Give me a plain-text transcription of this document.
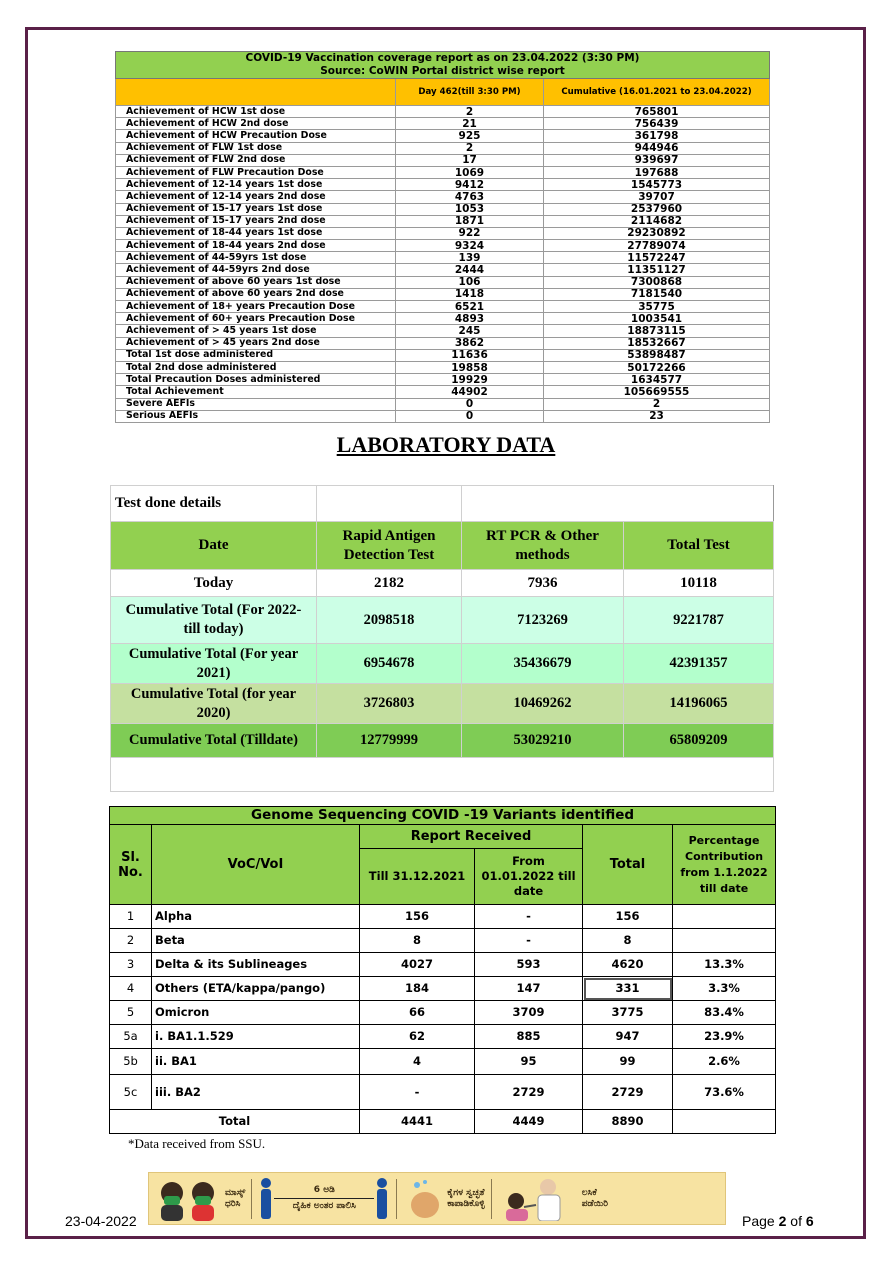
COVID-19 Vaccination coverage report as on 23.04.2022 (3:30 PM)
Source: CoWIN Portal district wise report		

	Day 462(till 3:30 PM)	Cumulative (16.01.2021 to 23.04.2022)
Achievement of HCW 1st dose	2	765801
Achievement of HCW 2nd dose	21	756439
Achievement of HCW Precaution Dose	925	361798
Achievement of FLW 1st dose	2	944946
Achievement of FLW 2nd dose	17	939697
Achievement of FLW Precaution Dose	1069	197688
Achievement of 12-14 years 1st dose	9412	1545773
Achievement of 12-14 years 2nd dose	4763	39707
Achievement of 15-17 years 1st dose	1053	2537960
Achievement of 15-17 years 2nd dose	1871	2114682
Achievement of 18-44 years 1st dose	922	29230892
Achievement of 18-44 years 2nd dose	9324	27789074
Achievement of 44-59yrs 1st dose	139	11572247
Achievement of 44-59yrs 2nd dose	2444	11351127
Achievement of above 60 years 1st dose	106	7300868
Achievement of above 60 years 2nd dose	1418	7181540
Achievement of 18+ years Precaution Dose	6521	35775
Achievement of 60+ years Precaution Dose	4893	1003541
Achievement of > 45 years 1st dose	245	18873115
Achievement of > 45 years 2nd dose	3862	18532667
Total 1st dose administered	11636	53898487
Total 2nd dose administered	19858	50172266
Total Precaution Doses administered	19929	1634577
Total Achievement	44902	105669555
Severe AEFIs	0	2
Serious AEFIs	0	23
LABORATORY DATA
Test done details			
Date	Rapid Antigen Detection Test	RT PCR & Other methods	Total Test
Today	2182	7936	10118
Cumulative Total (For 2022- till today)	2098518	7123269	9221787
Cumulative Total (For year 2021)	6954678	35436679	42391357
Cumulative Total (for year 2020)	3726803	10469262	14196065
Cumulative Total (Tilldate)	12779999	53029210	65809209

Genome Sequencing COVID -19 Variants identified					
Sl. No.	VoC/VoI	Report Received		Total	Percentage Contribution from 1.1.2022 till date
		Till 31.12.2021	From 01.01.2022 till date		
1	Alpha	156	-	156	
2	Beta	8	-	8	
3	Delta & its Sublineages	4027	593	4620	13.3%
4	Others (ETA/kappa/pango)	184	147	331	3.3%
5	Omicron	66	3709	3775	83.4%
5a	i. BA1.1.529	62	885	947	23.9%
5b	ii. BA1	4	95	99	2.6%
5c	iii. BA2	-	2729	2729	73.6%
Total		4441	4449	8890	
*Data received from SSU.
23-04-2022
ಮಾಸ್ಕ್
ಧರಿಸಿ
6 ಅಡಿ
ದೈಹಿಕ ಅಂತರ ಪಾಲಿಸಿ
ಕೈಗಳ ಸ್ವಚ್ಛತೆ
ಕಾಪಾಡಿಕೊಳ್ಳಿ
ಲಸಿಕೆ
ಪಡೆಯಿರಿ
Page 2 of 6
